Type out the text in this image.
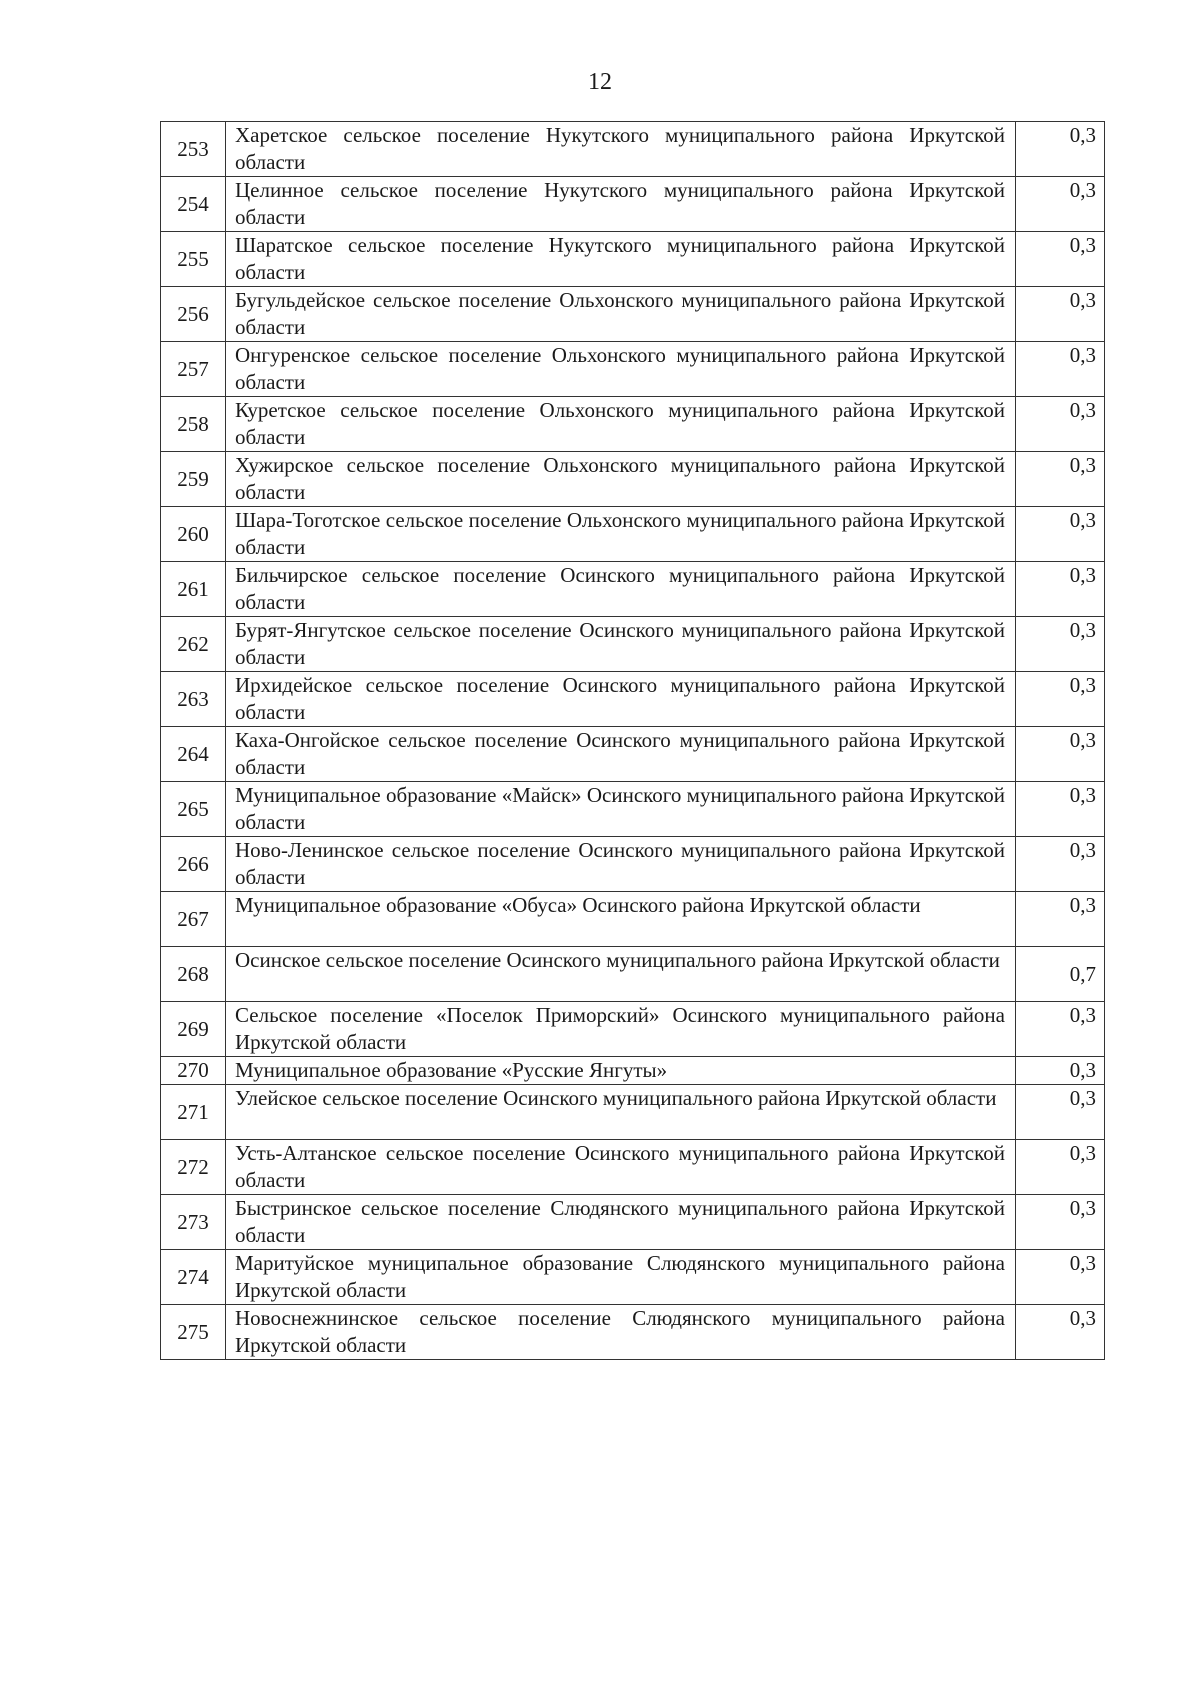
12
253	Харетское сельское поселение Нукутского муниципального района Иркутской области	0,3
254	Целинное сельское поселение Нукутского муниципального района Иркутской области	0,3
255	Шаратское сельское поселение Нукутского муниципального района Иркутской области	0,3
256	Бугульдейское сельское поселение Ольхонского муниципального района Иркутской области	0,3
257	Онгуренское сельское поселение Ольхонского муниципального района Иркутской области	0,3
258	Куретское сельское поселение Ольхонского муниципального района Иркутской области	0,3
259	Хужирское сельское поселение Ольхонского муниципального района Иркутской области	0,3
260	Шара-Тоготское сельское поселение Ольхонского муниципального района Иркутской области	0,3
261	Бильчирское сельское поселение Осинского муниципального района Иркутской области	0,3
262	Бурят-Янгутское сельское поселение Осинского муниципального района Иркутской области	0,3
263	Ирхидейское сельское поселение Осинского муниципального района Иркутской области	0,3
264	Каха-Онгойское сельское поселение Осинского муниципального района Иркутской области	0,3
265	Муниципальное образование «Майск» Осинского муниципального района Иркутской области	0,3
266	Ново-Ленинское сельское поселение Осинского муниципального района Иркутской области	0,3
267	Муниципальное образование «Обуса» Осинского района Иркутской области	0,3
268	Осинское сельское поселение Осинского муниципального района Иркутской области	0,7
269	Сельское поселение «Поселок Приморский» Осинского муниципального района Иркутской области	0,3
270	Муниципальное образование «Русские Янгуты»	0,3
271	Улейское сельское поселение Осинского муниципального района Иркутской области	0,3
272	Усть-Алтанское сельское поселение Осинского муниципального района Иркутской области	0,3
273	Быстринское сельское поселение Слюдянского муниципального района Иркутской области	0,3
274	Маритуйское муниципальное образование Слюдянского муниципального района Иркутской области	0,3
275	Новоснежнинское сельское поселение Слюдянского муниципального района Иркутской области	0,3
